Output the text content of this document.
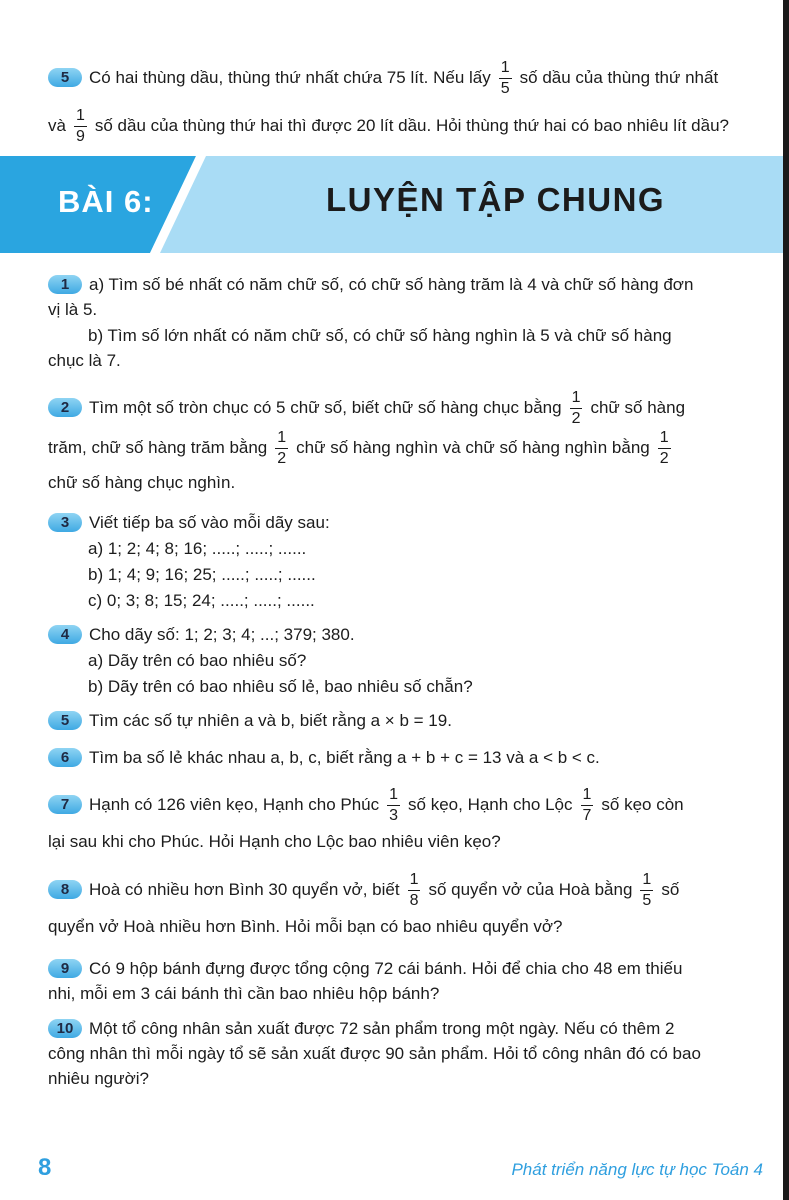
5 Có hai thùng dầu, thùng thứ nhất chứa 75 lít. Nếu lấy $\frac{1}{5}$ số dầu của thùng thứ nhất
và $\frac{1}{9}$ số dầu của thùng thứ hai thì được 20 lít dầu. Hỏi thùng thứ hai có bao nhiêu lít dầu?
BÀI 6:	LUYỆN TẬP CHUNG
1 a) Tìm số bé nhất có năm chữ số, có chữ số hàng trăm là 4 và chữ số hàng đơn
vị là 5.
b) Tìm số lớn nhất có năm chữ số, có chữ số hàng nghìn là 5 và chữ số hàng
chục là 7.
2 Tìm một số tròn chục có 5 chữ số, biết chữ số hàng chục bằng $\frac{1}{2}$ chữ số hàng
trăm, chữ số hàng trăm bằng $\frac{1}{2}$ chữ số hàng nghìn và chữ số hàng nghìn bằng $\frac{1}{2}$
chữ số hàng chục nghìn.
3 Viết tiếp ba số vào mỗi dãy sau:
a) 1; 2; 4; 8; 16; .....; .....; ......
b) 1; 4; 9; 16; 25; .....; .....; ......
c) 0; 3; 8; 15; 24; .....; .....; ......
4 Cho dãy số: 1; 2; 3; 4; ...; 379; 380.
a) Dãy trên có bao nhiêu số?
b) Dãy trên có bao nhiêu số lẻ, bao nhiêu số chẵn?
5 Tìm các số tự nhiên a và b, biết rằng a × b = 19.
6 Tìm ba số lẻ khác nhau a, b, c, biết rằng a + b + c = 13 và a < b < c.
7 Hạnh có 126 viên kẹo, Hạnh cho Phúc $\frac{1}{3}$ số kẹo, Hạnh cho Lộc $\frac{1}{7}$ số kẹo còn
lại sau khi cho Phúc. Hỏi Hạnh cho Lộc bao nhiêu viên kẹo?
8 Hoà có nhiều hơn Bình 30 quyển vở, biết $\frac{1}{8}$ số quyển vở của Hoà bằng $\frac{1}{5}$ số
quyển vở Hoà nhiều hơn Bình. Hỏi mỗi bạn có bao nhiêu quyển vở?
9 Có 9 hộp bánh đựng được tổng cộng 72 cái bánh. Hỏi để chia cho 48 em thiếu
nhi, mỗi em 3 cái bánh thì cần bao nhiêu hộp bánh?
10 Một tổ công nhân sản xuất được 72 sản phẩm trong một ngày. Nếu có thêm 2
công nhân thì mỗi ngày tổ sẽ sản xuất được 90 sản phẩm. Hỏi tổ công nhân đó có bao
nhiêu người?
8	Phát triển năng lực tự học Toán 4
